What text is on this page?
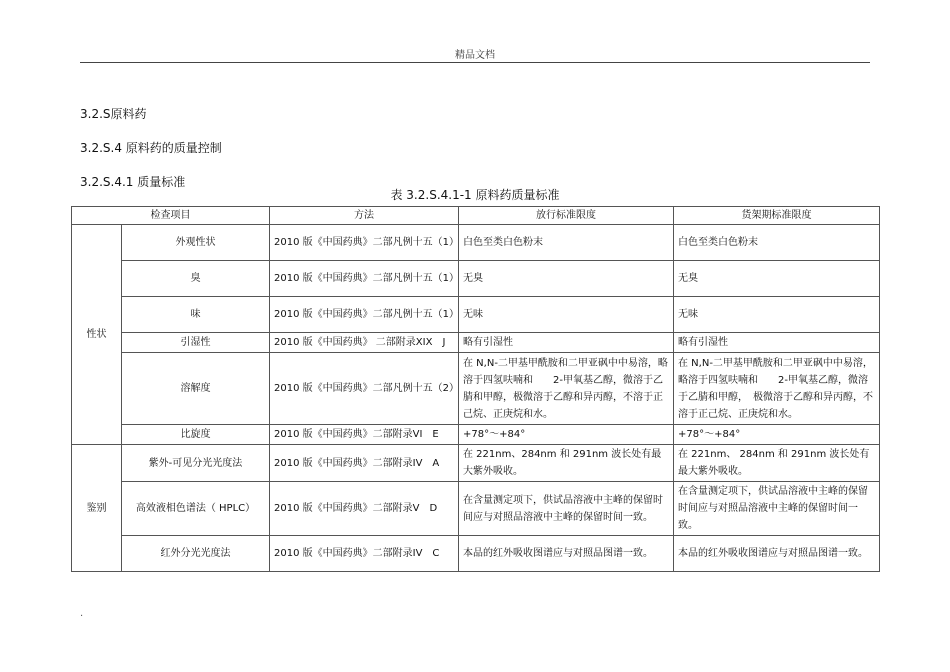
精品文档
3.2.S原料药
3.2.S.4 原料药的质量控制
3.2.S.4.1 质量标准
表 3.2.S.4.1-1 原料药质量标准
检查项目		方法	放行标准限度	货架期标准限度
性状	外观性状	2010 版《中国药典》二部凡例十五（1）	白色至类白色粉末	白色至类白色粉末
	臭	2010 版《中国药典》二部凡例十五（1）	无臭	无臭
	味	2010 版《中国药典》二部凡例十五（1）	无味	无味
	引湿性	2010 版《中国药典》 二部附录XIX　J	略有引湿性	略有引湿性
	溶解度	2010 版《中国药典》二部凡例十五（2）	在 N,N-二甲基甲酰胺和二甲亚砜中中易溶，略溶于四氢呋喃和　　2-甲氧基乙醇，微溶于乙腈和甲醇，极微溶于乙醇和异丙醇，不溶于正己烷、正庚烷和水。	在 N,N-二甲基甲酰胺和二甲亚砜中中易溶，略溶于四氢呋喃和　　2-甲氧基乙醇，微溶于乙腈和甲醇，　极微溶于乙醇和异丙醇，不溶于正己烷、正庚烷和水。
	比旋度	2010 版《中国药典》二部附录VI　E	+78°～+84°	+78°～+84°
鉴别	紫外-可见分光光度法	2010 版《中国药典》二部附录IV　A	在 221nm、284nm 和 291nm 波长处有最大紫外吸收。	在 221nm、 284nm 和 291nm 波长处有最大紫外吸收。
	高效液相色谱法（ HPLC）	2010 版《中国药典》二部附录V　D	在含量测定项下，供试品溶液中主峰的保留时间应与对照品溶液中主峰的保留时间一致。	在含量测定项下，供试品溶液中主峰的保留时间应与对照品溶液中主峰的保留时间一致。
	红外分光光度法	2010 版《中国药典》二部附录IV　C	本品的红外吸收图谱应与对照品图谱一致。	本品的红外吸收图谱应与对照品图谱一致。
.
